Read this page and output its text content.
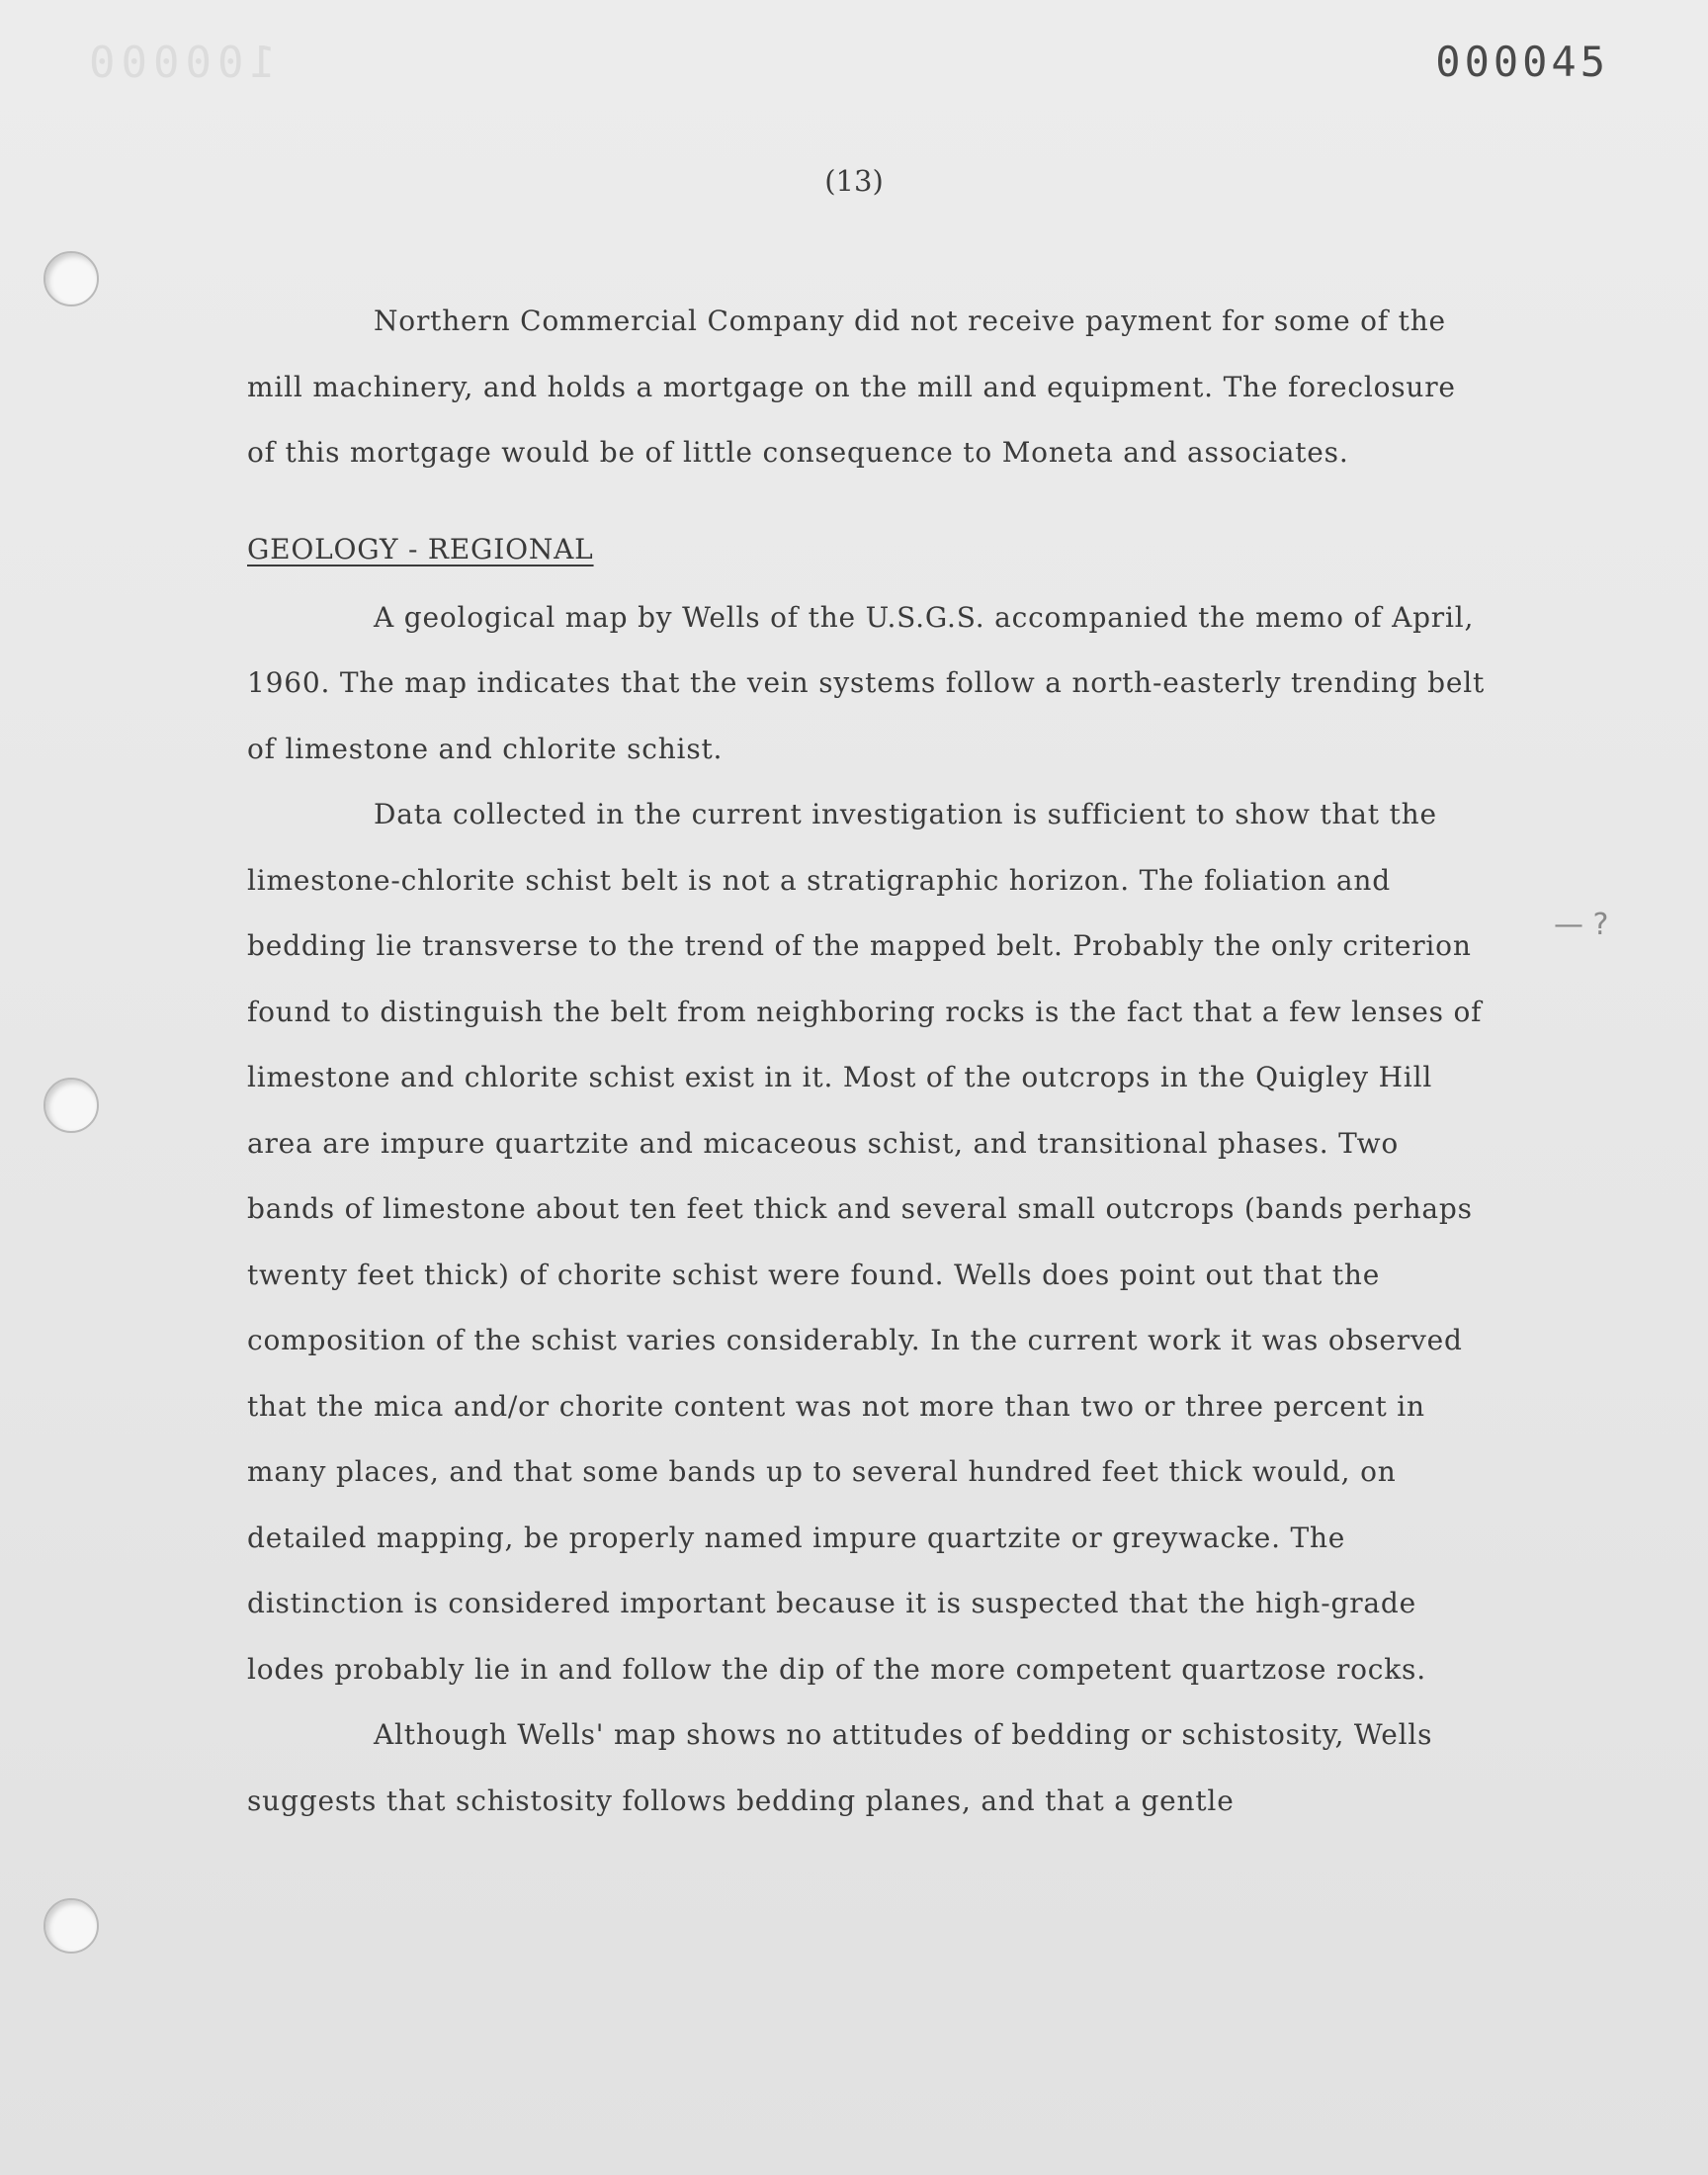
100000	000045
(13)
— ?

Northern Commercial Company did not receive payment for some of the mill machinery, and holds a mortgage on the mill and equipment. The foreclosure of this mortgage would be of little consequence to Moneta and associates.

GEOLOGY - REGIONAL

A geological map by Wells of the U.S.G.S. accompanied the memo of April, 1960. The map indicates that the vein systems follow a north-easterly trending belt of limestone and chlorite schist.

Data collected in the current investigation is sufficient to show that the limestone-chlorite schist belt is not a stratigraphic horizon. The foliation and bedding lie transverse to the trend of the mapped belt. Probably the only criterion found to distinguish the belt from neighboring rocks is the fact that a few lenses of limestone and chlorite schist exist in it. Most of the outcrops in the Quigley Hill area are impure quartzite and micaceous schist, and transitional phases. Two bands of limestone about ten feet thick and several small outcrops (bands perhaps twenty feet thick) of chorite schist were found. Wells does point out that the composition of the schist varies considerably. In the current work it was observed that the mica and/or chorite content was not more than two or three percent in many places, and that some bands up to several hundred feet thick would, on detailed mapping, be properly named impure quartzite or greywacke. The distinction is considered important because it is suspected that the high-grade lodes probably lie in and follow the dip of the more competent quartzose rocks.

Although Wells' map shows no attitudes of bedding or schistosity, Wells suggests that schistosity follows bedding planes, and that a gentle
